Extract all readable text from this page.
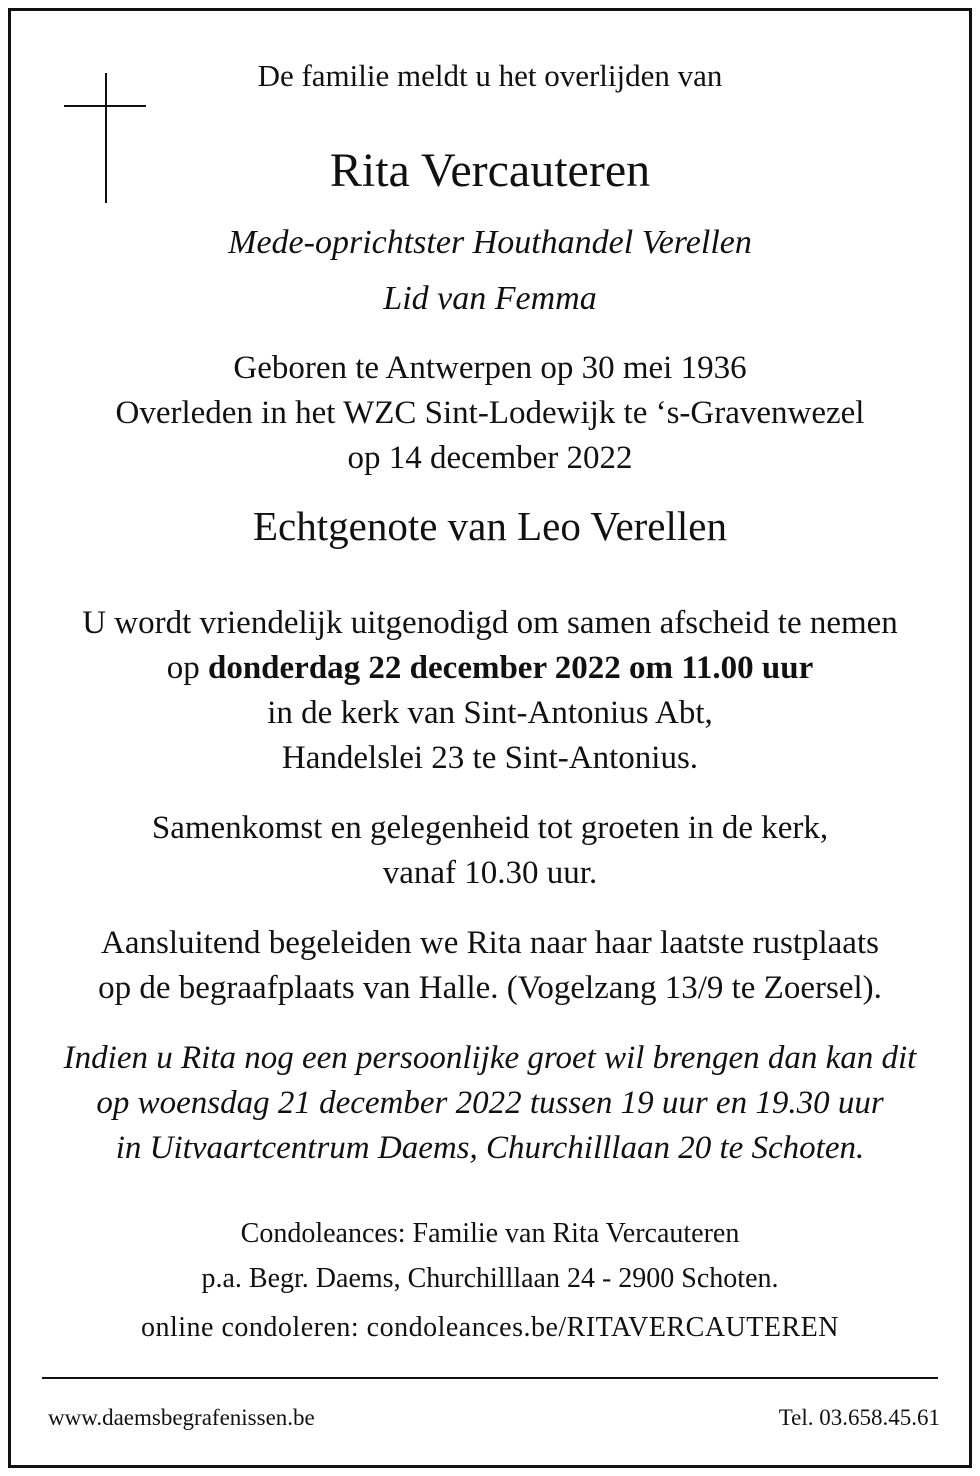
De familie meldt u het overlijden van
Rita Vercauteren
Mede-oprichtster Houthandel Verellen
Lid van Femma
Geboren te Antwerpen op 30 mei 1936
Overleden in het WZC Sint-Lodewijk te ‘s-Gravenwezel
op 14 december 2022
Echtgenote van Leo Verellen
U wordt vriendelijk uitgenodigd om samen afscheid te nemen
op donderdag 22 december 2022 om 11.00 uur
in de kerk van Sint-Antonius Abt,
Handelslei 23 te Sint-Antonius.
Samenkomst en gelegenheid tot groeten in de kerk,
vanaf 10.30 uur.
Aansluitend begeleiden we Rita naar haar laatste rustplaats
op de begraafplaats van Halle. (Vogelzang 13/9 te Zoersel).
Indien u Rita nog een persoonlijke groet wil brengen dan kan dit
op woensdag 21 december 2022 tussen 19 uur en 19.30 uur
in Uitvaartcentrum Daems, Churchilllaan 20 te Schoten.
Condoleances: Familie van Rita Vercauteren
p.a. Begr. Daems, Churchilllaan 24 - 2900 Schoten.
online condoleren: condoleances.be/RITAVERCAUTEREN
www.daemsbegrafenissen.be	Tel. 03.658.45.61
